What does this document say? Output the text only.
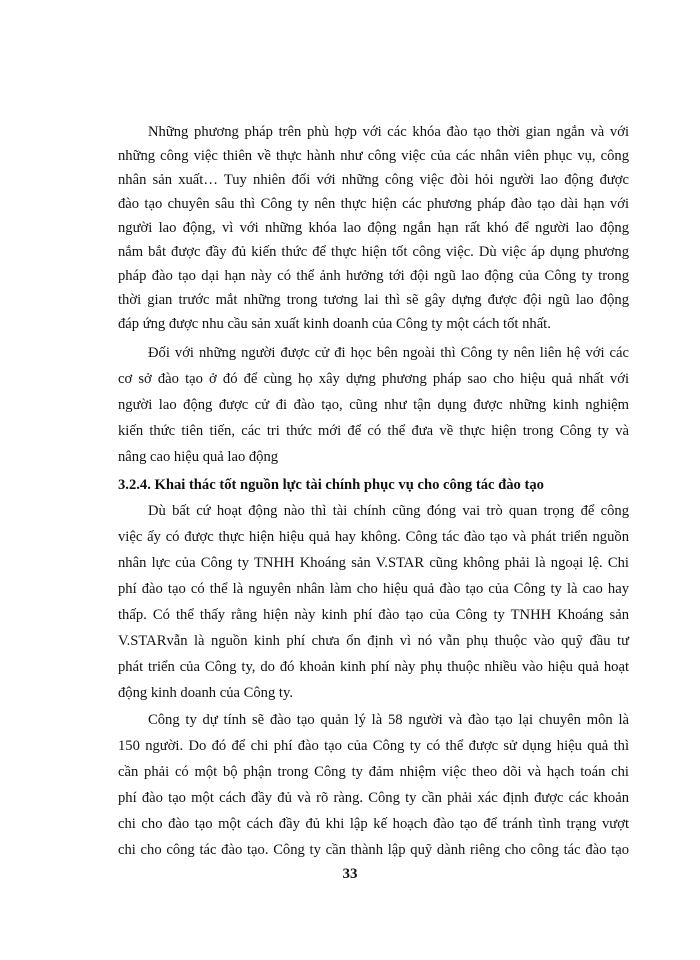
Những phương pháp trên phù hợp với các khóa đào tạo thời gian ngắn và với
những công việc thiên về thực hành như công việc của các nhân viên phục vụ, công
nhân sản xuất… Tuy nhiên đối với những công việc đòi hỏi người lao động được
đào tạo chuyên sâu thì Công ty nên thực hiện các phương pháp đào tạo dài hạn với
người lao động, vì với những khóa lao động ngắn hạn rất khó để người lao động
nắm bắt được đầy đủ kiến thức để thực hiện tốt công việc. Dù việc áp dụng phương
pháp đào tạo dại hạn này có thể ảnh hưởng tới đội ngũ lao động của Công ty trong
thời gian trước mắt những trong tương lai thì sẽ gây dựng được đội ngũ lao động
đáp ứng được nhu cầu sản xuất kinh doanh của Công ty một cách tốt nhất.
Đối với những người được cử đi học bên ngoài thì Công ty nên liên hệ với các
cơ sở đào tạo ở đó để cùng họ xây dựng phương pháp sao cho hiệu quả nhất với
người lao động được cử đi đào tạo, cũng như tận dụng được những kinh nghiệm
kiến thức tiên tiến, các tri thức mới để có thể đưa về thực hiện trong Công ty và
nâng cao hiệu quả lao động
3.2.4. Khai thác tốt nguồn lực tài chính phục vụ cho công tác đào tạo
Dù bất cứ hoạt động nào thì tài chính cũng đóng vai trò quan trọng để công
việc ấy có được thực hiện hiệu quả hay không. Công tác đào tạo và phát triển nguồn
nhân lực của Công ty TNHH Khoáng sản V.STAR cũng không phải là ngoại lệ. Chi
phí đào tạo có thể là nguyên nhân làm cho hiệu quả đào tạo của Công ty là cao hay
thấp. Có thể thấy rằng hiện này kinh phí đào tạo của Công ty TNHH Khoáng sản
V.STARvẫn là nguồn kinh phí chưa ổn định vì nó vẫn phụ thuộc vào quỹ đầu tư
phát triển của Công ty, do đó khoản kinh phí này phụ thuộc nhiều vào hiệu quả hoạt
động kinh doanh của Công ty.
Công ty dự tính sẽ đào tạo quản lý là 58 người và đào tạo lại chuyên môn là
150 người. Do đó để chi phí đào tạo của Công ty có thể được sử dụng hiệu quả thì
cần phải có một bộ phận trong Công ty đảm nhiệm việc theo dõi và hạch toán chi
phí đào tạo một cách đầy đủ và rõ ràng. Công ty cần phải xác định được các khoản
chi cho đào tạo một cách đầy đủ khi lập kế hoạch đào tạo để tránh tình trạng vượt
chi cho công tác đào tạo. Công ty cần thành lập quỹ dành riêng cho công tác đào tạo
33
